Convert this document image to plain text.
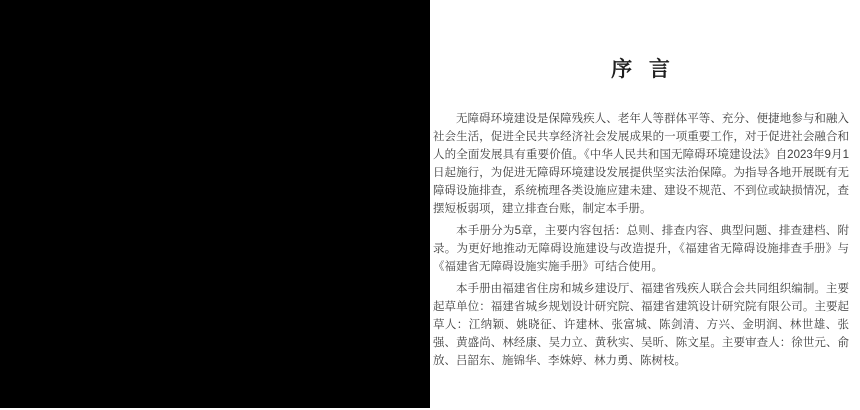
序 言

无障碍环境建设是保障残疾人、老年人等群体平等、充分、便捷地参与和融入社会生活，促进全民共享经济社会发展成果的一项重要工作，对于促进社会融合和人的全面发展具有重要价值。《中华人民共和国无障碍环境建设法》自2023年9月1日起施行，为促进无障碍环境建设发展提供坚实法治保障。为指导各地开展既有无障碍设施排查，系统梳理各类设施应建未建、建设不规范、不到位或缺损情况，查摆短板弱项，建立排查台账，制定本手册。

本手册分为5章，主要内容包括：总则、排查内容、典型问题、排查建档、附录。为更好地推动无障碍设施建设与改造提升，《福建省无障碍设施排查手册》与《福建省无障碍设施实施手册》可结合使用。

本手册由福建省住房和城乡建设厅、福建省残疾人联合会共同组织编制。主要起草单位：福建省城乡规划设计研究院、福建省建筑设计研究院有限公司。主要起草人：江纳颖、姚晓征、许建林、张富城、陈剑清、方兴、金明润、林世雄、张强、黄盛尚、林经康、吴力立、黄秋实、吴昕、陈文星。主要审查人：徐世元、俞放、吕韶东、施锦华、李姝婷、林力勇、陈树枝。
